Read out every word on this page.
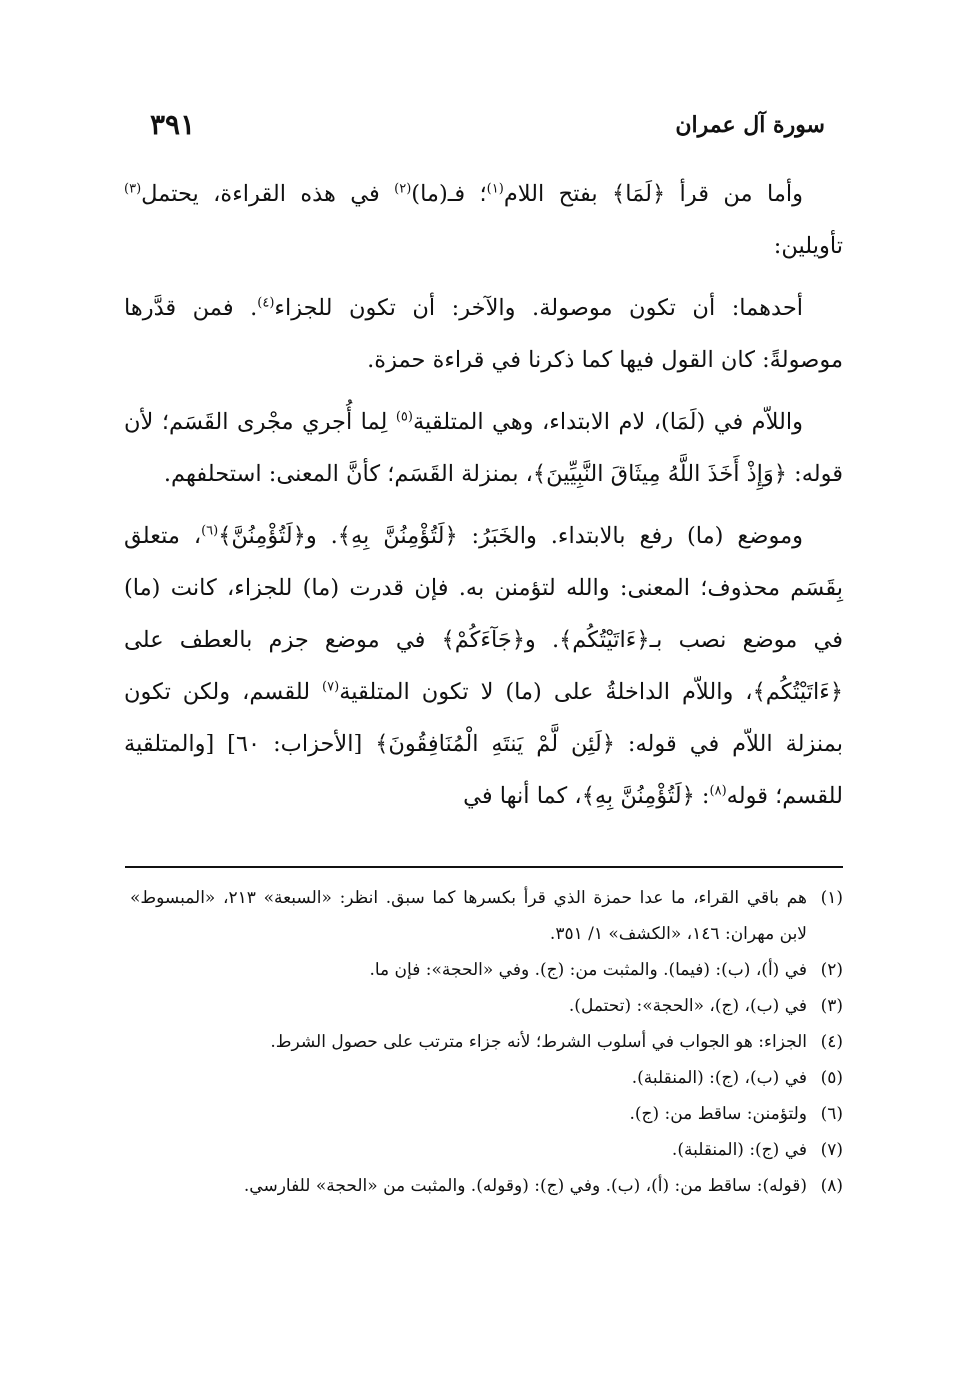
سورة آل عمران
٣٩١

وأما من قرأ ﴿لَمَا﴾ بفتح اللام$^{(١)}$؛ فـ(ما)$^{(٢)}$ في هذه القراءة، يحتمل$^{(٣)}$ تأويلين:

أحدهما: أن تكون موصولة. والآخر: أن تكون للجزاء$^{(٤)}$. فمن قدَّرها موصولةً: كان القول فيها كما ذكرنا في قراءة حمزة.

واللاّم في (لَمَا)، لام الابتداء، وهي المتلقية$^{(٥)}$ لِما أُجري مجْرى القَسَم؛ لأن قوله: ﴿وَإِذْ أَخَذَ اللَّهُ مِيثَاقَ النَّبِيِّينَ﴾، بمنزلة القَسَم؛ كأنَّ المعنى: استحلفهم.

وموضع (ما) رفع بالابتداء. والخَبَرُ: ﴿لَتُؤْمِنُنَّ بِهِ﴾. و﴿لَتُؤْمِنُنَّ﴾$^{(٦)}$، متعلق بِقَسَم محذوف؛ المعنى: والله لتؤمنن به. فإن قدرت (ما) للجزاء، كانت (ما) في موضع نصب بـ﴿ءَاتَيْتُكُم﴾. و﴿جَآءَكُمْ﴾ في موضع جزم بالعطف على ﴿ءَاتَيْتُكُم﴾، واللاّم الداخلةُ على (ما) لا تكون المتلقية$^{(٧)}$ للقسم، ولكن تكون بمنزلة اللاّم في قوله: ﴿لَئِن لَّمْ يَنتَهِ الْمُنَافِقُونَ﴾ [الأحزاب: ٦٠] [والمتلقية للقسم؛ قوله$^{(٨)}$: ﴿لَتُؤْمِنُنَّ بِهِ﴾، كما أنها في

(١)
هم باقي القراء، ما عدا حمزة الذي قرأ بكسرها كما سبق. انظر: «السبعة» ٢١٣، «المبسوط» لابن مهران: ١٤٦، «الكشف» ١/ ٣٥١.
(٢)
في (أ)، (ب): (فيما). والمثبت من: (ج). وفي «الحجة»: فإن ما.
(٣)
في (ب)، (ج)، «الحجة»: (تحتمل).
(٤)
الجزاء: هو الجواب في أسلوب الشرط؛ لأنه جزاء مترتب على حصول الشرط.
(٥)
في (ب)، (ج): (المنقلبة).
(٦)
ولتؤمنن: ساقط من: (ج).
(٧)
في (ج): (المنقلبة).
(٨)
(قوله): ساقط من: (أ)، (ب). وفي (ج): (وقوله). والمثبت من «الحجة» للفارسي.
